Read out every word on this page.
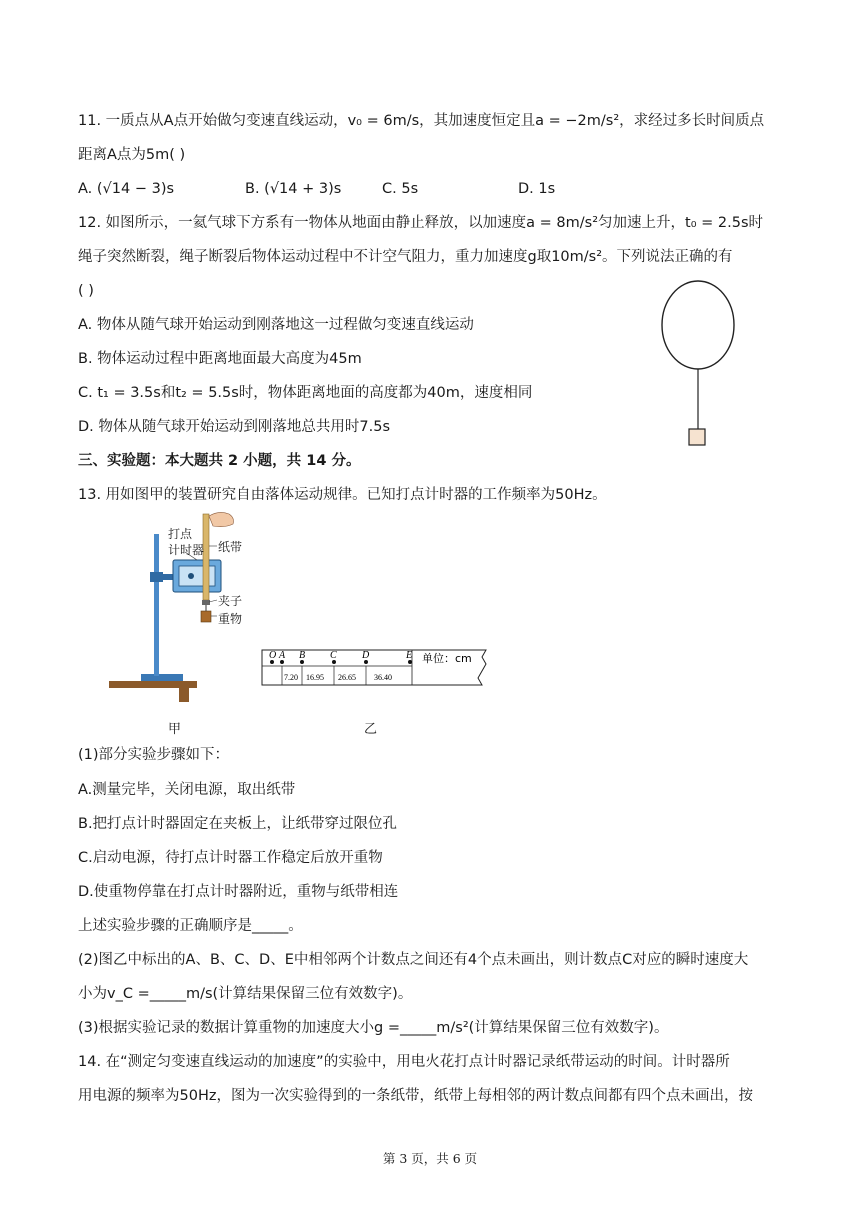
11. 一质点从A点开始做匀变速直线运动，v₀ = 6m/s，其加速度恒定且a = −2m/s²，求经过多长时间质点
距离A点为5m( )
A. (√14 − 3)s	B. (√14 + 3)s	C. 5s	D. 1s
12. 如图所示，一氦气球下方系有一物体从地面由静止释放，以加速度a = 8m/s²匀加速上升，t₀ = 2.5s时
绳子突然断裂，绳子断裂后物体运动过程中不计空气阻力，重力加速度g取10m/s²。下列说法正确的有
( )
A. 物体从随气球开始运动到刚落地这一过程做匀变速直线运动
B. 物体运动过程中距离地面最大高度为45m
C. t₁ = 3.5s和t₂ = 5.5s时，物体距离地面的高度都为40m，速度相同
D. 物体从随气球开始运动到刚落地总共用时7.5s
三、实验题：本大题共 2 小题，共 14 分。
13. 用如图甲的装置研究自由落体运动规律。已知打点计时器的工作频率为50Hz。
打点
计时器 纸带
夹子
重物
甲
O A B C	D	E 单位：cm
7.20 16.95 26.65 36.40
乙
(1)部分实验步骤如下：
A.测量完毕，关闭电源，取出纸带
B.把打点计时器固定在夹板上，让纸带穿过限位孔
C.启动电源，待打点计时器工作稳定后放开重物
D.使重物停靠在打点计时器附近，重物与纸带相连
上述实验步骤的正确顺序是_____。
(2)图乙中标出的A、B、C、D、E中相邻两个计数点之间还有4个点未画出，则计数点C对应的瞬时速度大
小为v_C =_____m/s(计算结果保留三位有效数字)。
(3)根据实验记录的数据计算重物的加速度大小g =_____m/s²(计算结果保留三位有效数字)。
14. 在“测定匀变速直线运动的加速度”的实验中，用电火花打点计时器记录纸带运动的时间。计时器所
用电源的频率为50Hz，图为一次实验得到的一条纸带，纸带上每相邻的两计数点间都有四个点未画出，按
第 3 页，共 6 页
